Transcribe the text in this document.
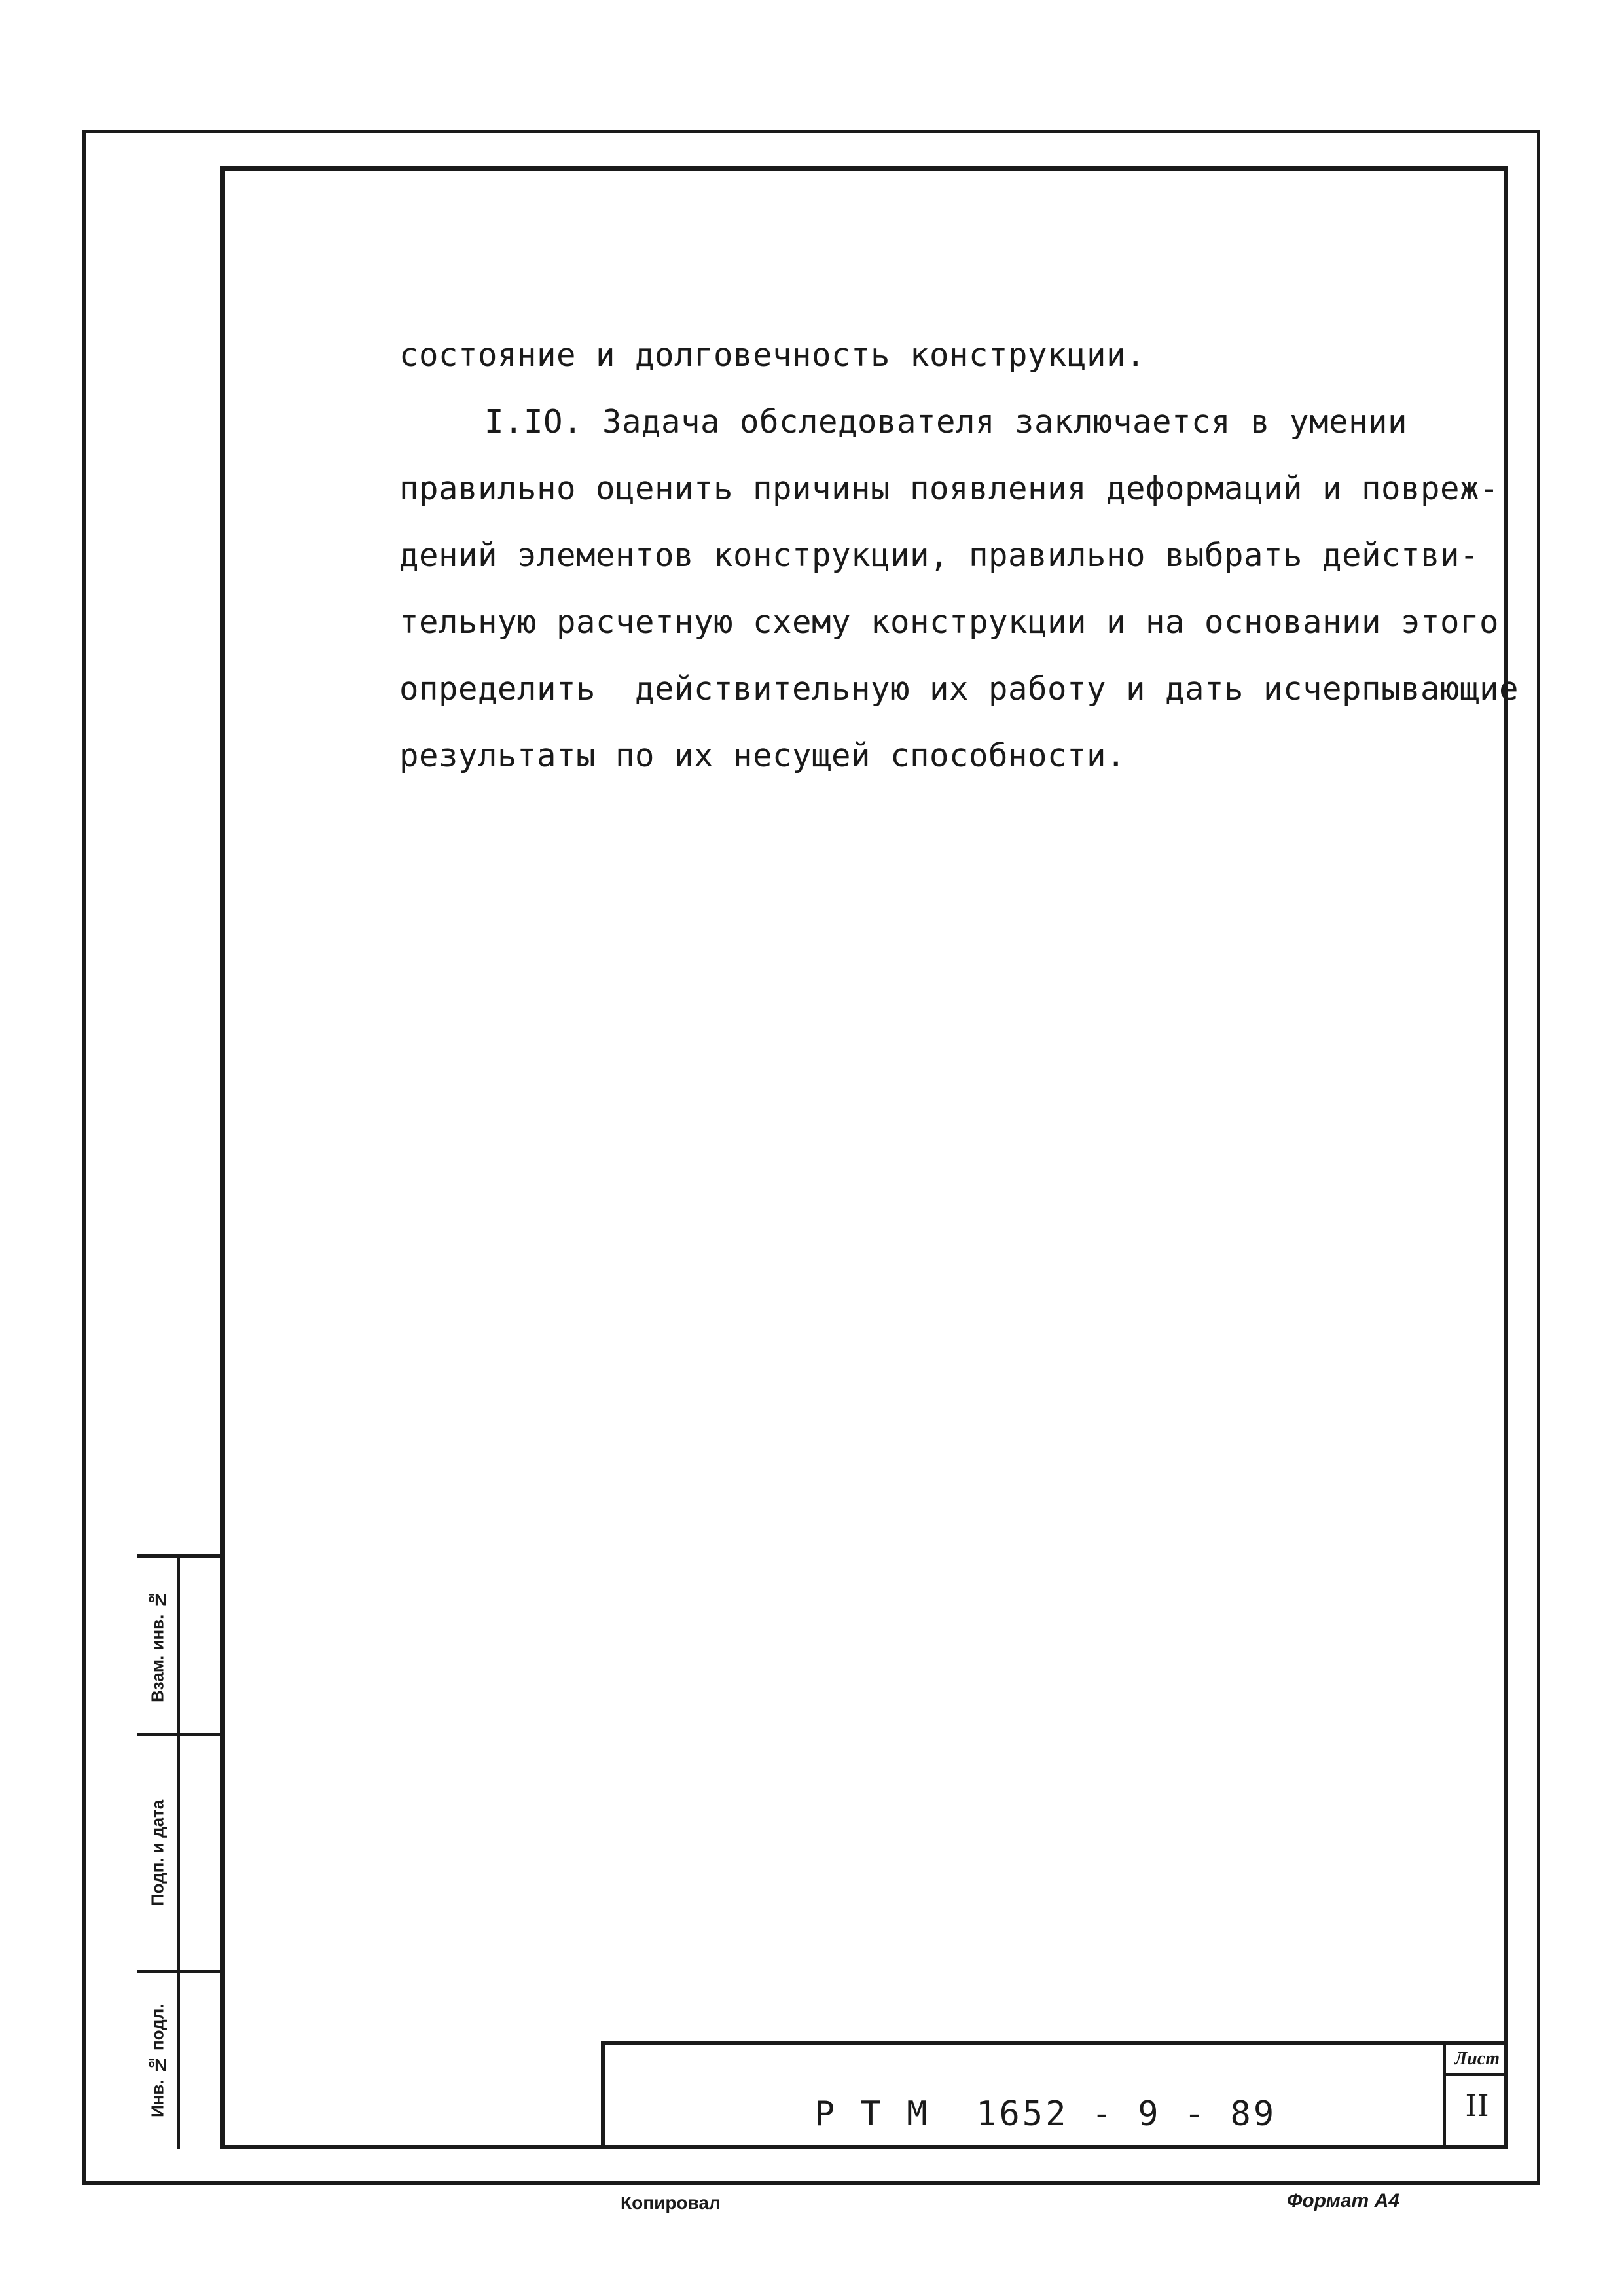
состояние и долговечность конструкции.

I.IO. Задача обследователя заключается в умении

правильно оценить причины появления деформаций и повреж-

дений элементов конструкции, правильно выбрать действи-

тельную расчетную схему конструкции и на основании этого

определить  действительную их работу и дать исчерпывающие

результаты по их несущей способности.

Взам. инв. №
Подп. и дата
Инв. № подл.	Р Т М  1652 - 9 - 89
Лист
II
Копировал	Формат А4
